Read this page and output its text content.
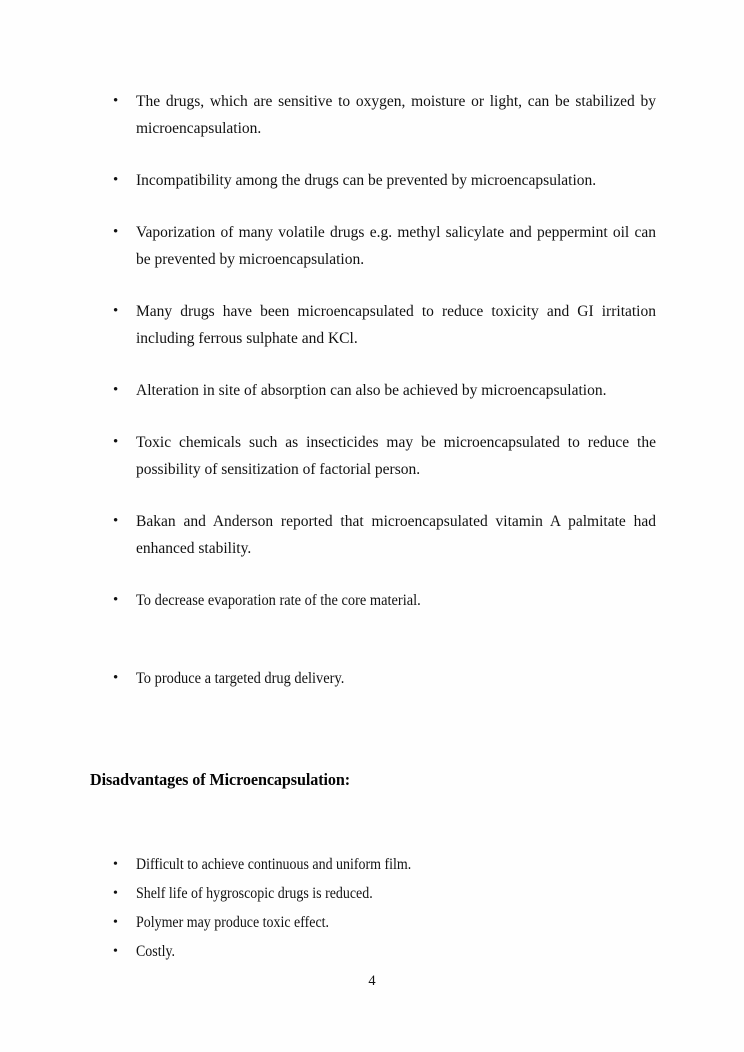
•	The drugs, which are sensitive to oxygen, moisture or light, can be stabilized by microencapsulation.
•	Incompatibility among the drugs can be prevented by microencapsulation.
•	Vaporization of many volatile drugs e.g. methyl salicylate and peppermint oil can be prevented by microencapsulation.
•	Many drugs have been microencapsulated to reduce toxicity and GI irritation including ferrous sulphate and KCl.
•	Alteration in site of absorption can also be achieved by microencapsulation.
•	Toxic chemicals such as insecticides may be microencapsulated to reduce the possibility of sensitization of factorial person.
•	Bakan and Anderson reported that microencapsulated vitamin A palmitate had enhanced stability.
•	To decrease evaporation rate of the core material.
•	To produce a targeted drug delivery.
Disadvantages of Microencapsulation:
•	Difficult to achieve continuous and uniform film.
•	Shelf life of hygroscopic drugs is reduced.
•	Polymer may produce toxic effect.
•	Costly.
4
